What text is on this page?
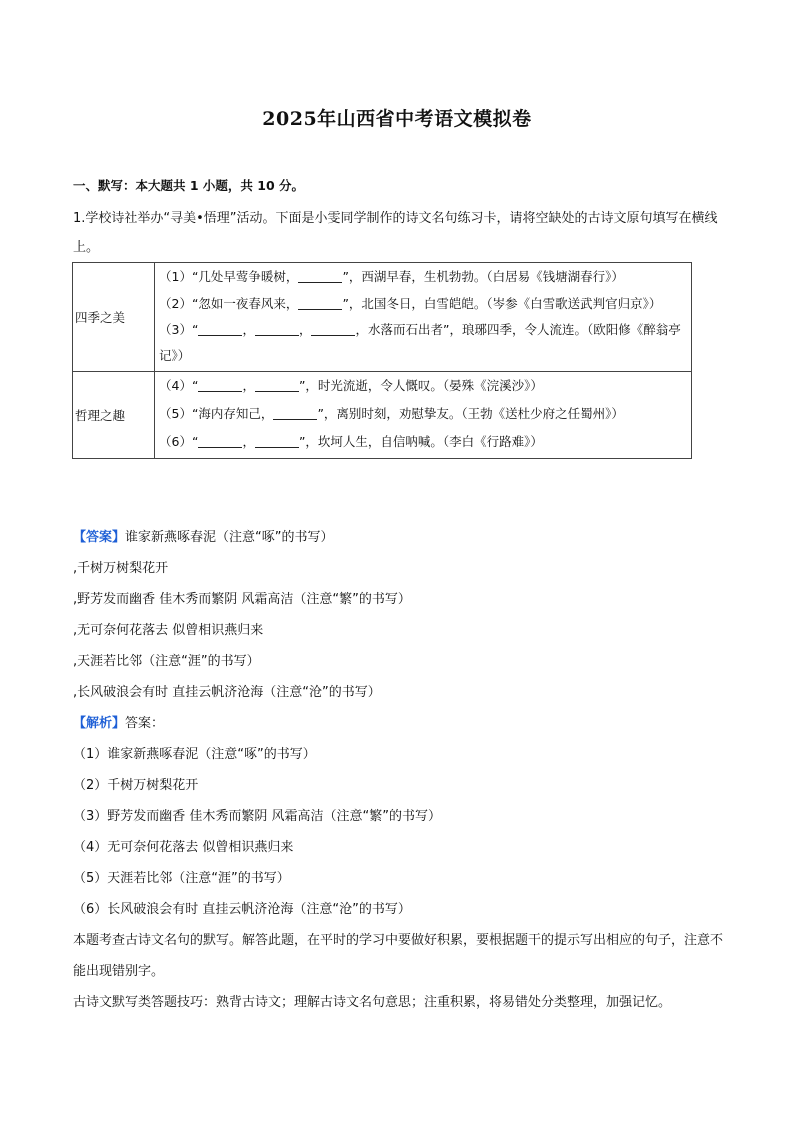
2025年山西省中考语文模拟卷
一、默写：本大题共 1 小题，共 10 分。
1.学校诗社举办“寻美•悟理”活动。下面是小雯同学制作的诗文名句练习卡，请将空缺处的古诗文原句填写在横线上。
四季之美	（1）“几处早莺争暖树， ”，西湖早春，生机勃勃。（白居易《钱塘湖春行》）
（2）“忽如一夜春风来， ”，北国冬日，白雪皑皑。（岑参《白雪歌送武判官归京》）
（3）“ ， ， ，水落而石出者”，琅琊四季，令人流连。（欧阳修《醉翁亭记》）

哲理之趣	（4）“ ， ”，时光流逝，令人慨叹。（晏殊《浣溪沙》）
（5）“海内存知己， ”，离别时刻，劝慰挚友。（王勃《送杜少府之任蜀州》）
（6）“ ， ”，坎坷人生，自信呐喊。（李白《行路难》）
【答案】谁家新燕啄春泥（注意“啄”的书写）
,千树万树梨花开
,野芳发而幽香 佳木秀而繁阴 风霜高洁（注意“繁”的书写）
,无可奈何花落去 似曾相识燕归来
,天涯若比邻（注意“涯”的书写）
,长风破浪会有时 直挂云帆济沧海（注意“沧”的书写）
【解析】答案：
（1）谁家新燕啄春泥（注意“啄”的书写）
（2）千树万树梨花开
（3）野芳发而幽香 佳木秀而繁阴 风霜高洁（注意“繁”的书写）
（4）无可奈何花落去 似曾相识燕归来
（5）天涯若比邻（注意“涯”的书写）
（6）长风破浪会有时 直挂云帆济沧海（注意“沧”的书写）
本题考查古诗文名句的默写。解答此题，在平时的学习中要做好积累，要根据题干的提示写出相应的句子，注意不能出现错别字。
古诗文默写类答题技巧：熟背古诗文；理解古诗文名句意思；注重积累，将易错处分类整理，加强记忆。
